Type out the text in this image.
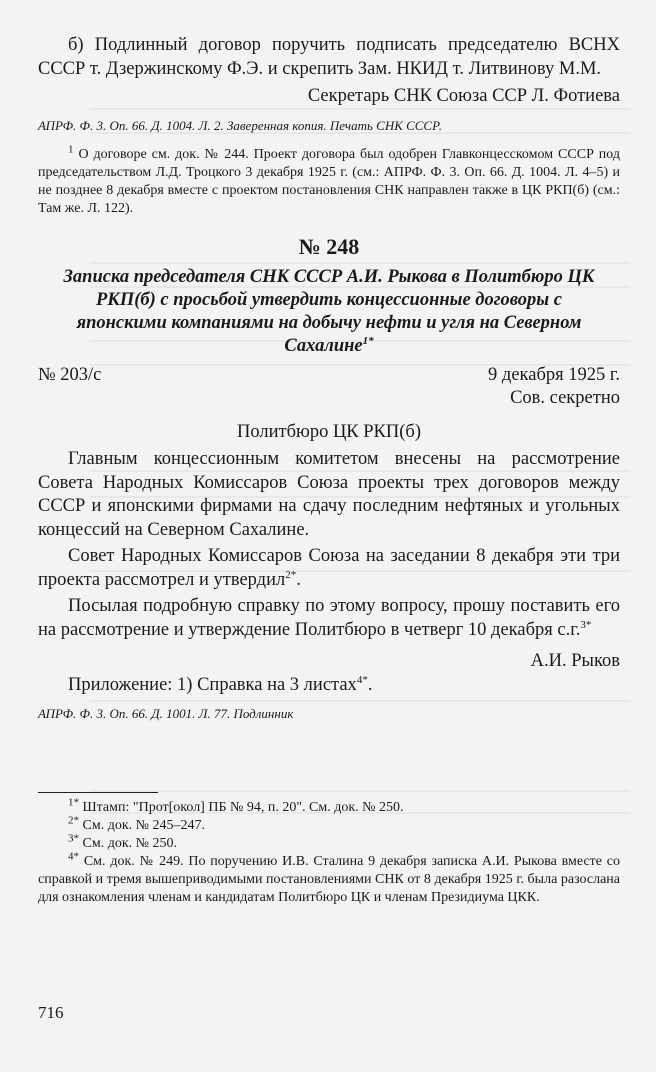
б) Подлинный договор поручить подписать председателю ВСНХ СССР т. Дзержинскому Ф.Э. и скрепить Зам. НКИД т. Литвинову М.М.

Секретарь СНК Союза ССР Л. Фотиева

АПРФ. Ф. 3. Оп. 66. Д. 1004. Л. 2. Заверенная копия. Печать СНК СССР.

$^1$ О договоре см. док. № 244. Проект договора был одобрен Главконцесскомом СССР под председательством Л.Д. Троцкого 3 декабря 1925 г. (см.: АПРФ. Ф. 3. Оп. 66. Д. 1004. Л. 4–5) и не позднее 8 декабря вместе с проектом постановления СНК направлен также в ЦК РКП(б) (см.: Там же. Л. 122).

№ 248

Записка председателя СНК СССР А.И. Рыкова в Политбюро ЦК РКП(б) с просьбой утвердить концессионные договоры с японскими компаниями на добычу нефти и угля на Северном Сахалине$^{1*}$

№ 203/с	9 декабря 1925 г.

Сов. секретно

Политбюро ЦК РКП(б)

Главным концессионным комитетом внесены на рассмотрение Совета Народных Комиссаров Союза проекты трех договоров между СССР и японскими фирмами на сдачу последним нефтяных и угольных концессий на Северном Сахалине.

Совет Народных Комиссаров Союза на заседании 8 декабря эти три проекта рассмотрел и утвердил$^{2*}$.

Посылая подробную справку по этому вопросу, прошу поставить его на рассмотрение и утверждение Политбюро в четверг 10 декабря с.г.$^{3*}$

А.И. Рыков

Приложение: 1) Справка на 3 листах$^{4*}$.

АПРФ. Ф. 3. Оп. 66. Д. 1001. Л. 77. Подлинник

$^{1*}$ Штамп: "Прот[окол] ПБ № 94, п. 20". См. док. № 250.

$^{2*}$ См. док. № 245–247.

$^{3*}$ См. док. № 250.

$^{4*}$ См. док. № 249. По поручению И.В. Сталина 9 декабря записка А.И. Рыкова вместе со справкой и тремя вышеприводимыми постановлениями СНК от 8 декабря 1925 г. была разослана для ознакомления членам и кандидатам Политбюро ЦК и членам Президиума ЦКК.

716
